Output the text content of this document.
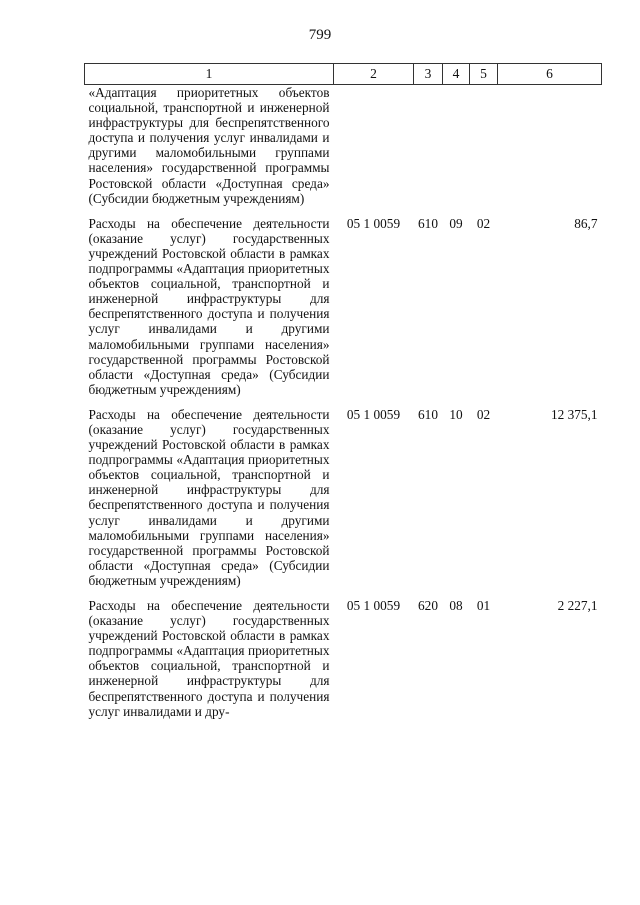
799
1	2	3	4	5	6
«Адаптация приоритетных объектов социальной, транспортной и инженерной инфраструктуры для беспрепятственного доступа и получения услуг инвалидами и другими маломобильными группами населения» государственной программы Ростовской области «Доступная среда» (Субсидии бюджетным учреждениям)					
Расходы на обеспечение деятельности (оказание услуг) государственных учреждений Ростовской области в рамках подпрограммы «Адаптация приоритетных объектов социальной, транспортной и инженерной инфраструктуры для беспрепятственного доступа и получения услуг инвалидами и другими маломобильными группами населения» государственной программы Ростовской области «Доступная среда» (Субсидии бюджетным учреждениям)	05 1 0059	610	09	02	86,7
Расходы на обеспечение деятельности (оказание услуг) государственных учреждений Ростовской области в рамках подпрограммы «Адаптация приоритетных объектов социальной, транспортной и инженерной инфраструктуры для беспрепятственного доступа и получения услуг инвалидами и другими маломобильными группами населения» государственной программы Ростовской области «Доступная среда» (Субсидии бюджетным учреждениям)	05 1 0059	610	10	02	12 375,1
Расходы на обеспечение деятельности (оказание услуг) государственных учреждений Ростовской области в рамках подпрограммы «Адаптация приоритетных объектов социальной, транспортной и инженерной инфраструктуры для беспрепятственного доступа и получения услуг инвалидами и дру-	05 1 0059	620	08	01	2 227,1
